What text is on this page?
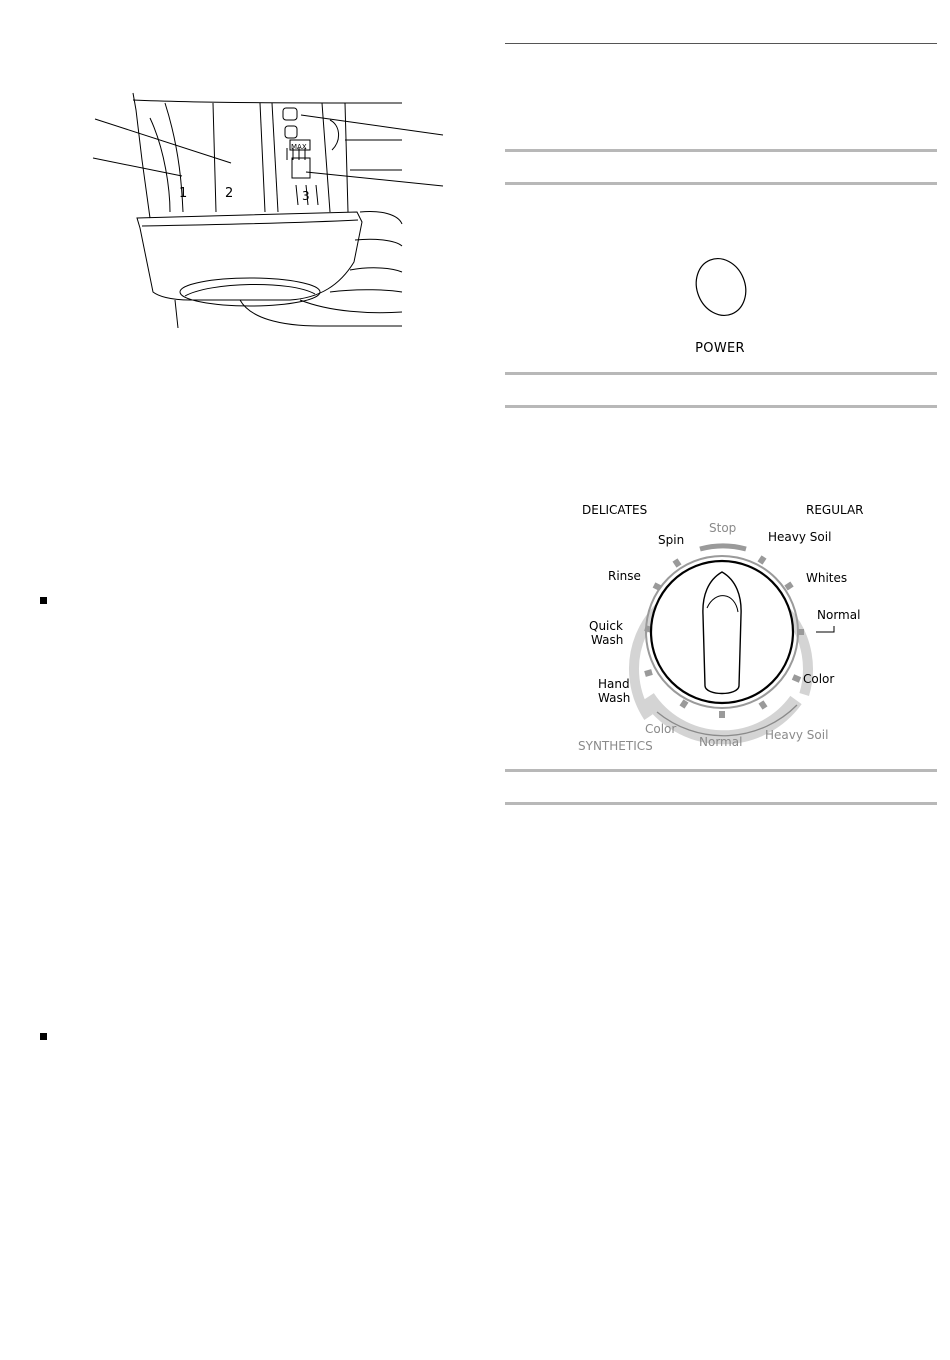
1	2	3
MAX
POWER
DELICATES	REGULAR
Stop
Spin	Heavy Soil
Rinse	Whites
Quick
Wash
Normal
Hand
Wash
Color
Color
Normal Heavy Soil
SYNTHETICS
